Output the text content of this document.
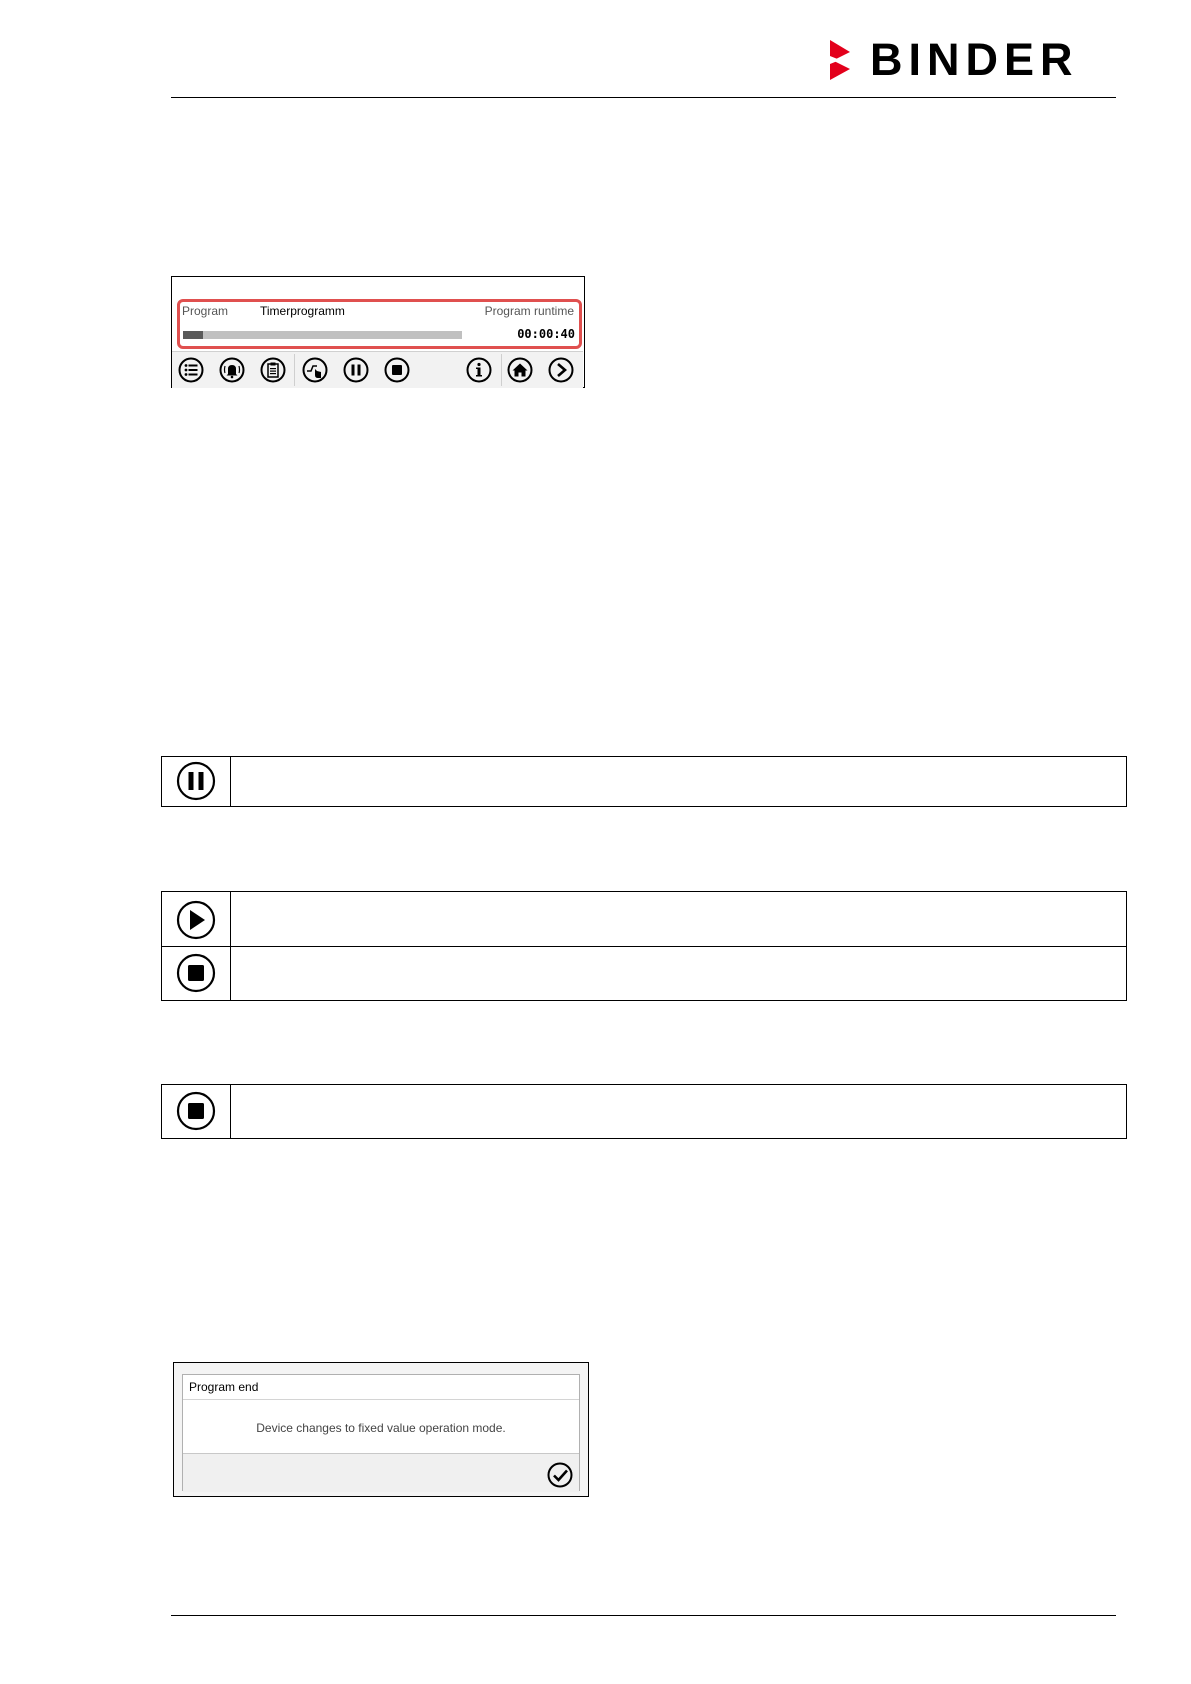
BINDER
Program	Timerprogramm	Program runtime
00:00:40
Program end
Device changes to fixed value operation mode.
